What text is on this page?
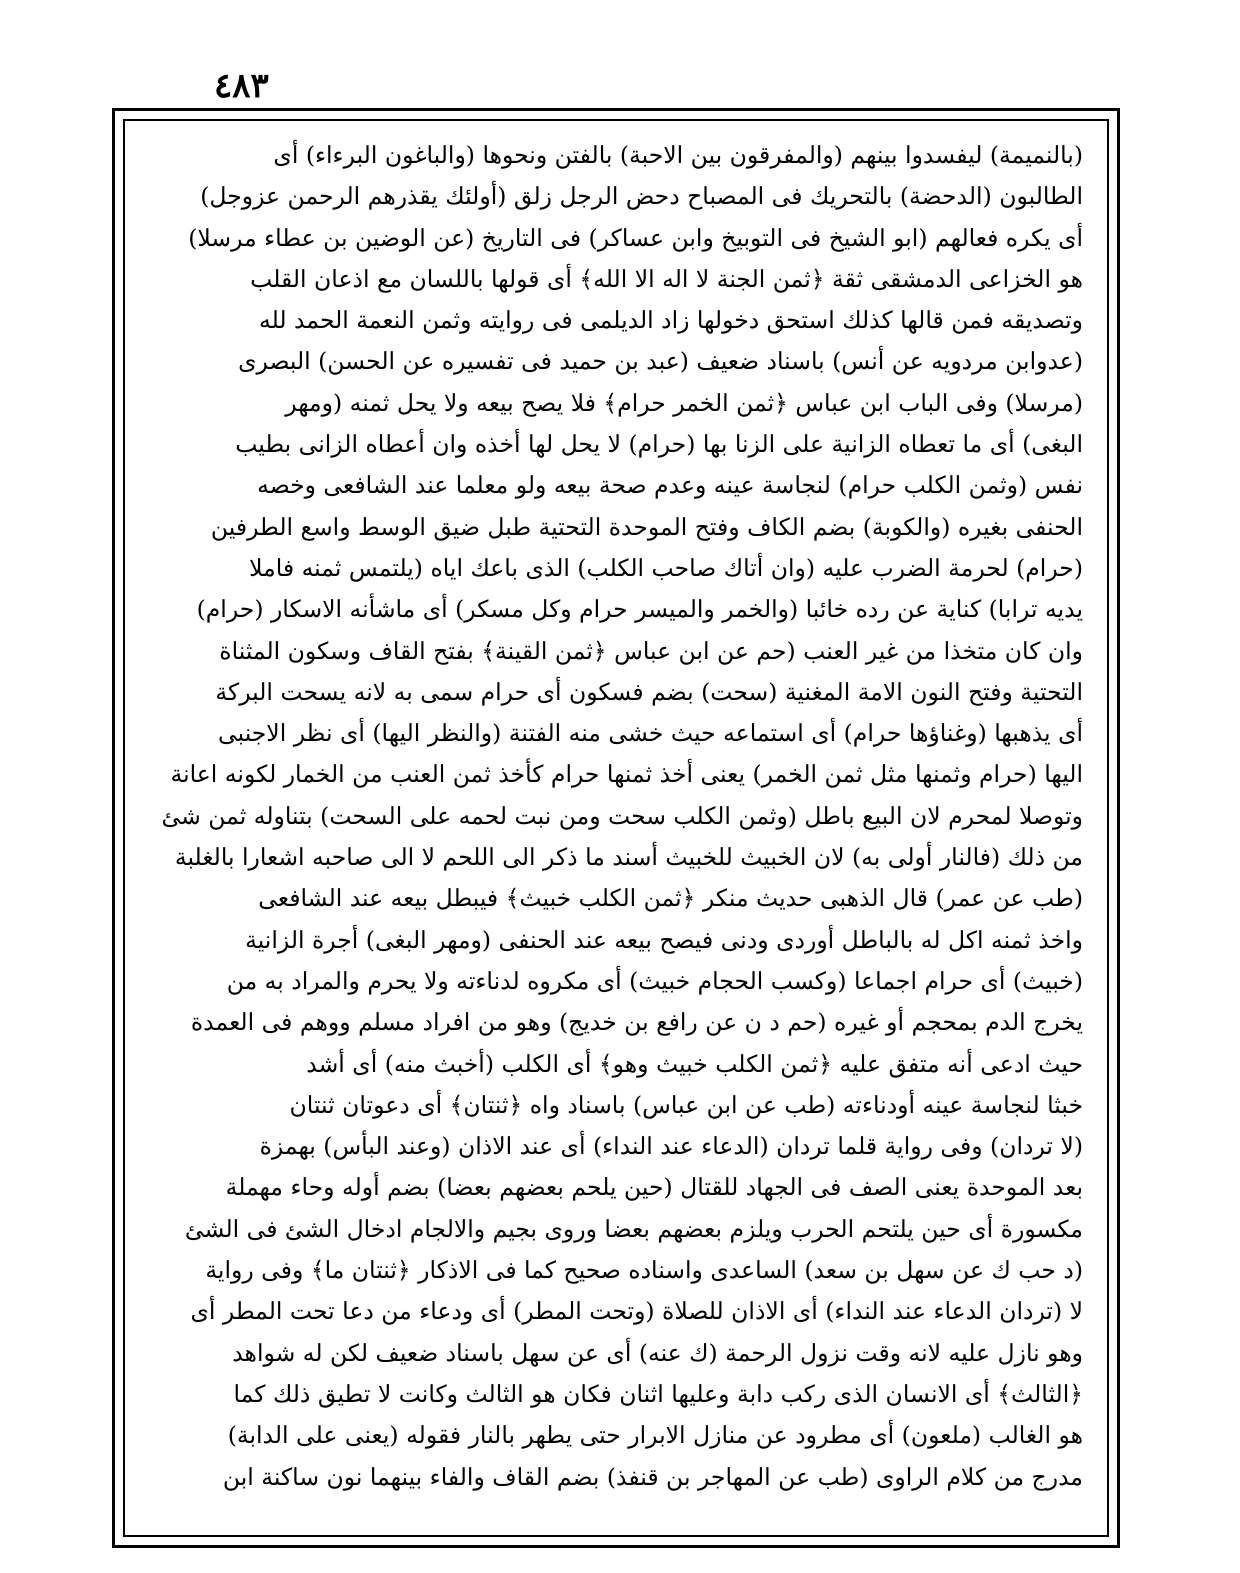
٤٨٣
(بالنميمة) ليفسدوا بينهم (والمفرقون بين الاحبة) بالفتن ونحوها (والباغون البرءاء) أى
الطالبون (الدحضة) بالتحريك فى المصباح دحض الرجل زلق (أولئك يقذرهم الرحمن عزوجل)
أى يكره فعالهم (ابو الشيخ فى التوبيخ وابن عساكر) فى التاريخ (عن الوضين بن عطاء مرسلا)
هو الخزاعى الدمشقى ثقة ﴿ثمن الجنة لا اله الا الله﴾ أى قولها باللسان مع اذعان القلب
وتصديقه فمن قالها كذلك استحق دخولها زاد الديلمى فى روايته وثمن النعمة الحمد لله
(عدوابن مردويه عن أنس) باسناد ضعيف (عبد بن حميد فى تفسيره عن الحسن) البصرى
(مرسلا) وفى الباب ابن عباس ﴿ثمن الخمر حرام﴾ فلا يصح بيعه ولا يحل ثمنه (ومهر
البغى) أى ما تعطاه الزانية على الزنا بها (حرام) لا يحل لها أخذه وان أعطاه الزانى بطيب
نفس (وثمن الكلب حرام) لنجاسة عينه وعدم صحة بيعه ولو معلما عند الشافعى وخصه
الحنفى بغيره (والكوبة) بضم الكاف وفتح الموحدة التحتية طبل ضيق الوسط واسع الطرفين
(حرام) لحرمة الضرب عليه (وان أتاك صاحب الكلب) الذى باعك اياه (يلتمس ثمنه فاملا
يديه ترابا) كناية عن رده خائبا (والخمر والميسر حرام وكل مسكر) أى ماشأنه الاسكار (حرام)
وان كان متخذا من غير العنب (حم عن ابن عباس ﴿ثمن القينة﴾ بفتح القاف وسكون المثناة
التحتية وفتح النون الامة المغنية (سحت) بضم فسكون أى حرام سمى به لانه يسحت البركة
أى يذهبها (وغناؤها حرام) أى استماعه حيث خشى منه الفتنة (والنظر اليها) أى نظر الاجنبى
اليها (حرام وثمنها مثل ثمن الخمر) يعنى أخذ ثمنها حرام كأخذ ثمن العنب من الخمار لكونه اعانة
وتوصلا لمحرم لان البيع باطل (وثمن الكلب سحت ومن نبت لحمه على السحت) بتناوله ثمن شئ
من ذلك (فالنار أولى به) لان الخبيث للخبيث أسند ما ذكر الى اللحم لا الى صاحبه اشعارا بالغلبة
(طب عن عمر) قال الذهبى حديث منكر ﴿ثمن الكلب خبيث﴾ فيبطل بيعه عند الشافعى
واخذ ثمنه اكل له بالباطل أوردى ودنى فيصح بيعه عند الحنفى (ومهر البغى) أجرة الزانية
(خبيث) أى حرام اجماعا (وكسب الحجام خبيث) أى مكروه لدناءته ولا يحرم والمراد به من
يخرج الدم بمحجم أو غيره (حم د ن عن رافع بن خديج) وهو من افراد مسلم ووهم فى العمدة
حيث ادعى أنه متفق عليه ﴿ثمن الكلب خبيث وهو﴾ أى الكلب (أخبث منه) أى أشد
خبثا لنجاسة عينه أودناءته (طب عن ابن عباس) باسناد واه ﴿ثنتان﴾ أى دعوتان ثنتان
(لا تردان) وفى رواية قلما تردان (الدعاء عند النداء) أى عند الاذان (وعند البأس) بهمزة
بعد الموحدة يعنى الصف فى الجهاد للقتال (حين يلحم بعضهم بعضا) بضم أوله وحاء مهملة
مكسورة أى حين يلتحم الحرب ويلزم بعضهم بعضا وروى بجيم والالجام ادخال الشئ فى الشئ
(د حب ك عن سهل بن سعد) الساعدى واسناده صحيح كما فى الاذكار ﴿ثنتان ما﴾ وفى رواية
لا (تردان الدعاء عند النداء) أى الاذان للصلاة (وتحت المطر) أى ودعاء من دعا تحت المطر أى
وهو نازل عليه لانه وقت نزول الرحمة (ك عنه) أى عن سهل باسناد ضعيف لكن له شواهد
﴿الثالث﴾ أى الانسان الذى ركب دابة وعليها اثنان فكان هو الثالث وكانت لا تطيق ذلك كما
هو الغالب (ملعون) أى مطرود عن منازل الابرار حتى يطهر بالنار فقوله (يعنى على الدابة)
مدرج من كلام الراوى (طب عن المهاجر بن قنفذ) بضم القاف والفاء بينهما نون ساكنة ابن
